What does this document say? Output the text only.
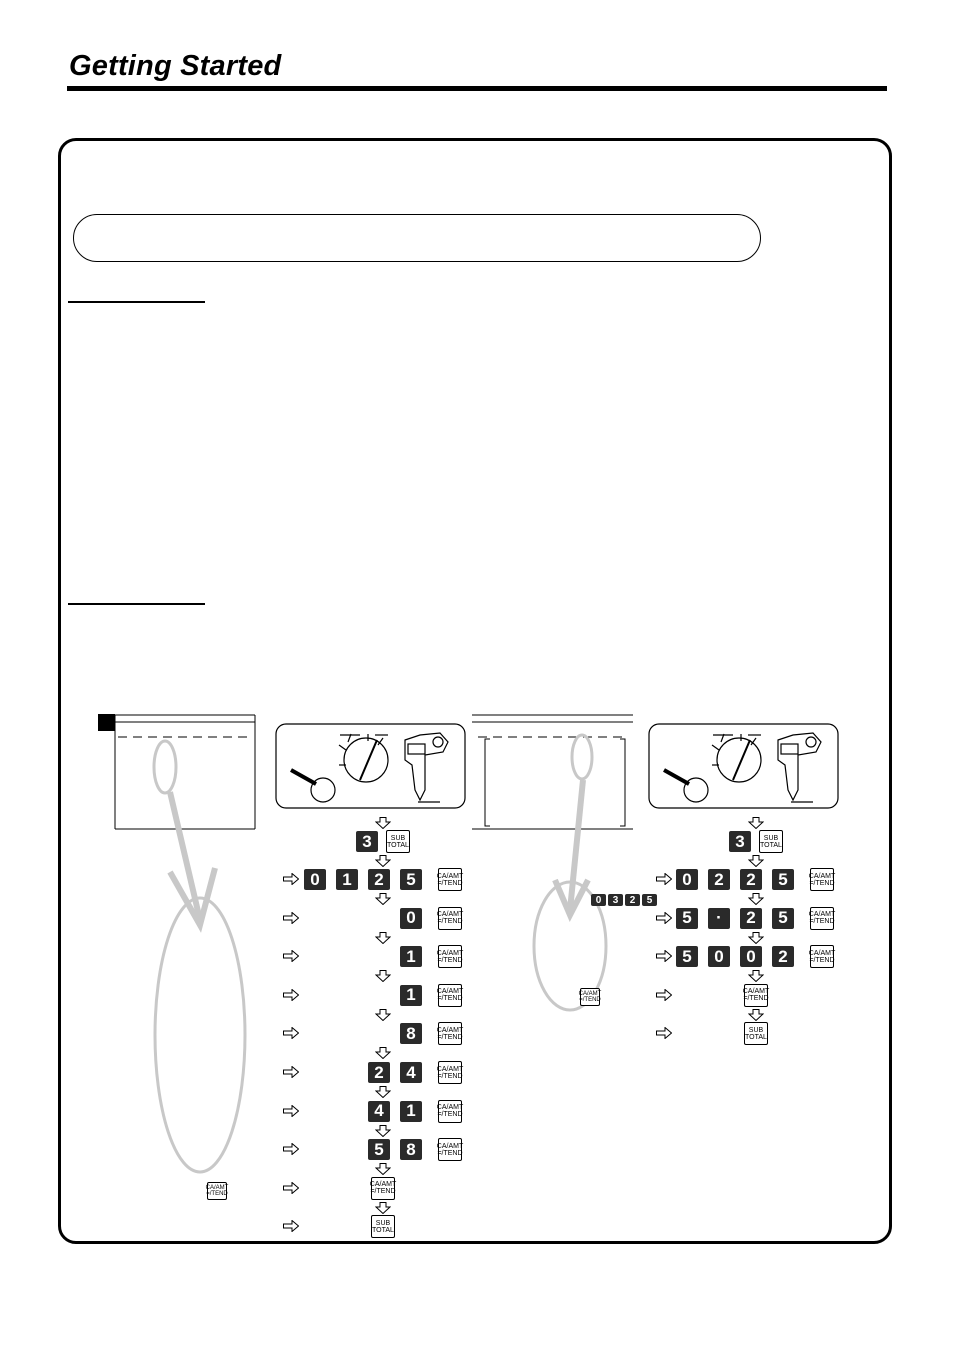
Getting Started
3	SUB
TOTAL
0	1	2	5	CA/AMT
=/TEND
0	CA/AMT
=/TEND
1	CA/AMT
=/TEND
1	CA/AMT
=/TEND
8	CA/AMT
=/TEND
2	4	CA/AMT
=/TEND
4	1	CA/AMT
=/TEND
5	8	CA/AMT
=/TEND
CA/AMT
=/TEND
SUB
TOTAL
3	SUB
TOTAL
0	2	2	5	CA/AMT
=/TEND
5	·	2	5	CA/AMT
=/TEND
5	0	0	2	CA/AMT
=/TEND
CA/AMT
=/TEND
SUB
TOTAL
0	3	2	5
CA/AMT
=/TEND
CA/AMT
=/TEND
